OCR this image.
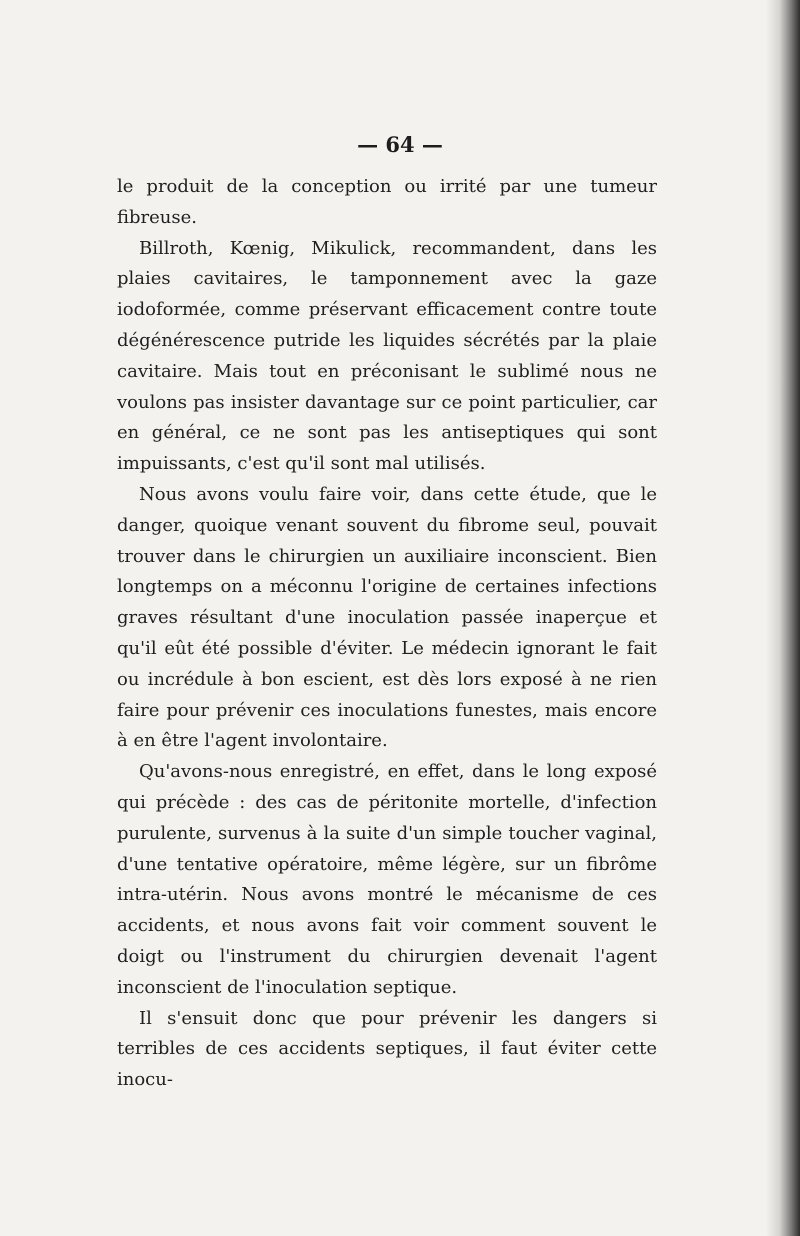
— 64 —

le produit de la conception ou irrité par une tumeur fibreuse.

Billroth, Kœnig, Mikulick, recommandent, dans les plaies cavitaires, le tamponnement avec la gaze iodoformée, comme préservant efficacement contre toute dégénérescence putride les liquides sécrétés par la plaie cavitaire. Mais tout en préconisant le sublimé nous ne voulons pas insister davantage sur ce point particulier, car en général, ce ne sont pas les antiseptiques qui sont impuissants, c'est qu'il sont mal utilisés.

Nous avons voulu faire voir, dans cette étude, que le danger, quoique venant souvent du fibrome seul, pouvait trouver dans le chirurgien un auxiliaire inconscient. Bien longtemps on a méconnu l'origine de certaines infections graves résultant d'une inoculation passée inaperçue et qu'il eût été possible d'éviter. Le médecin ignorant le fait ou incrédule à bon escient, est dès lors exposé à ne rien faire pour prévenir ces inoculations funestes, mais encore à en être l'agent involontaire.

Qu'avons-nous enregistré, en effet, dans le long exposé qui précède : des cas de péritonite mortelle, d'infection purulente, survenus à la suite d'un simple toucher vaginal, d'une tentative opératoire, même légère, sur un fibrôme intra-utérin. Nous avons montré le mécanisme de ces accidents, et nous avons fait voir comment souvent le doigt ou l'instrument du chirurgien devenait l'agent inconscient de l'inoculation septique.

Il s'ensuit donc que pour prévenir les dangers si terribles de ces accidents septiques, il faut éviter cette inocu-
